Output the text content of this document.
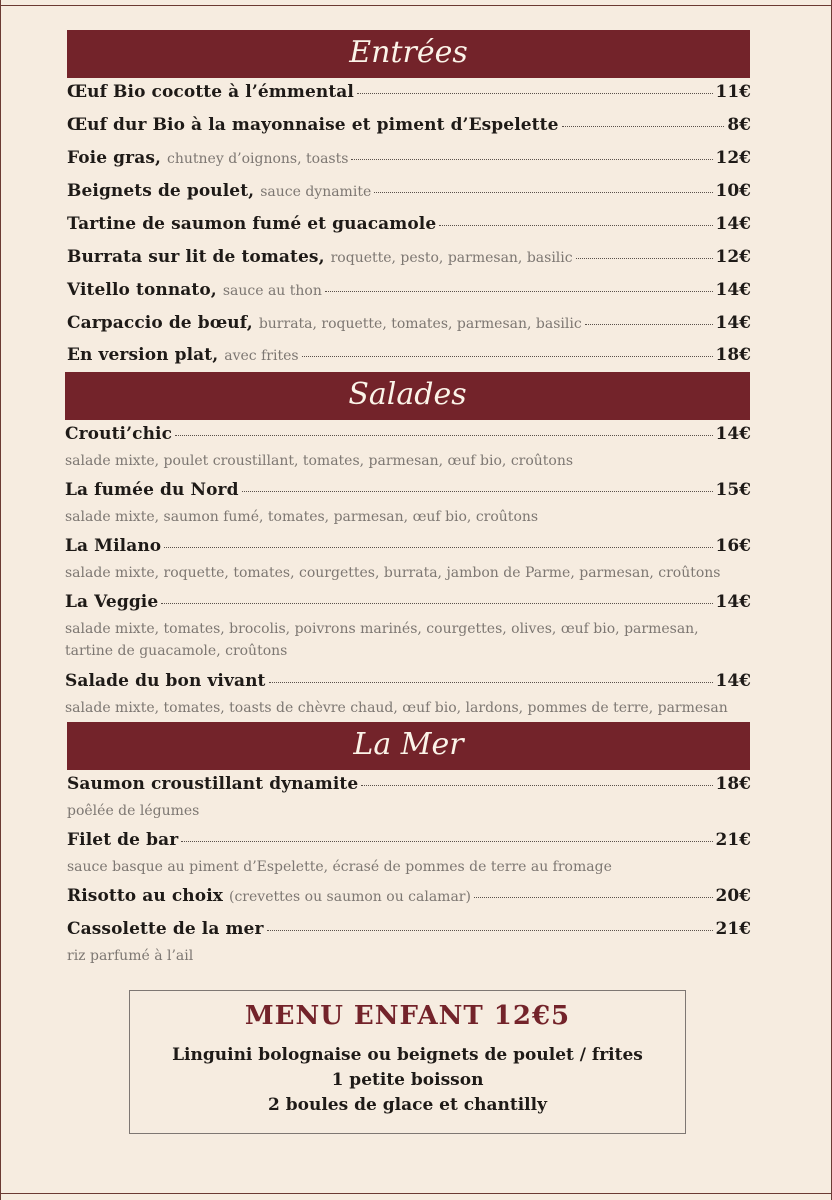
Entrées
Œuf Bio cocotte à l’émmental	11€
Œuf dur Bio à la mayonnaise et piment d’Espelette	8€
Foie gras, chutney d’oignons, toasts	12€
Beignets de poulet, sauce dynamite	10€
Tartine de saumon fumé et guacamole	14€
Burrata sur lit de tomates, roquette, pesto, parmesan, basilic	12€
Vitello tonnato, sauce au thon	14€
Carpaccio de bœuf, burrata, roquette, tomates, parmesan, basilic	14€
En version plat, avec frites	18€
Salades
Crouti’chic	14€
salade mixte, poulet croustillant, tomates, parmesan, œuf bio, croûtons
La fumée du Nord	15€
salade mixte, saumon fumé, tomates, parmesan, œuf bio, croûtons
La Milano	16€
salade mixte, roquette, tomates, courgettes, burrata, jambon de Parme, parmesan, croûtons
La Veggie	14€
salade mixte, tomates, brocolis, poivrons marinés, courgettes, olives, œuf bio, parmesan,
tartine de guacamole, croûtons
Salade du bon vivant	14€
salade mixte, tomates, toasts de chèvre chaud, œuf bio, lardons, pommes de terre, parmesan
La Mer
Saumon croustillant dynamite	18€
poêlée de légumes
Filet de bar	21€
sauce basque au piment d’Espelette, écrasé de pommes de terre au fromage
Risotto au choix (crevettes ou saumon ou calamar)	20€
Cassolette de la mer	21€
riz parfumé à l’ail
MENU ENFANT 12€5
Linguini bolognaise ou beignets de poulet / frites
1 petite boisson
2 boules de glace et chantilly
